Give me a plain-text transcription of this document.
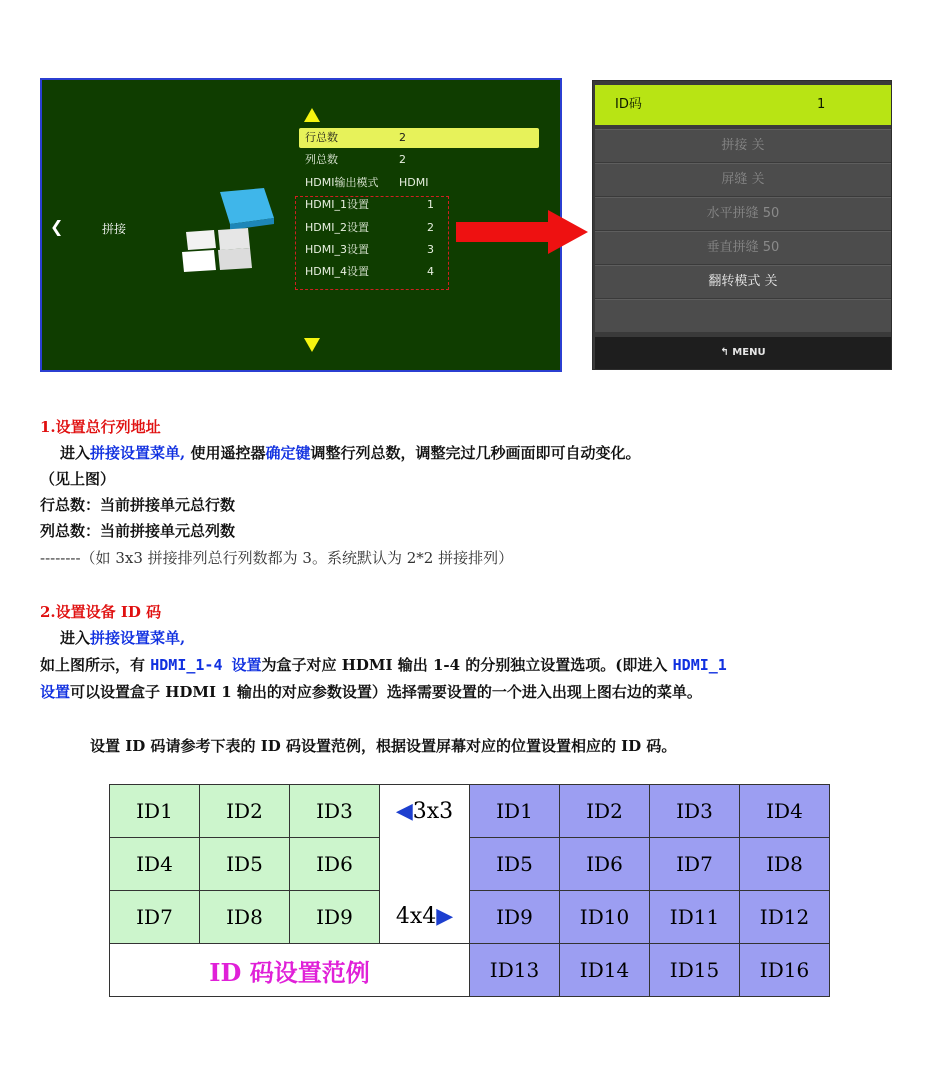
❮	拼接
行总数	2
列总数	2
HDMI输出模式 HDMI
HDMI_1设置	1
HDMI_2设置	2
HDMI_3设置	3
HDMI_4设置	4
ID码	1
拼接 关
屏缝 关
水平拼缝 50
垂直拼缝 50
翻转模式 关
↰ MENU
1.设置总行列地址
进入拼接设置菜单, 使用遥控器确定键调整行列总数，调整完过几秒画面即可自动变化。
（见上图）
行总数：当前拼接单元总行数
列总数：当前拼接单元总列数
--------（如 3x3 拼接排列总行列数都为 3。系统默认为 2*2 拼接排列）
2.设置设备 ID 码
进入拼接设置菜单,
如上图所示，有 HDMI_1-4 设置为盒子对应 HDMI 输出 1-4 的分别独立设置选项。(即进入 HDMI_1
设置可以设置盒子 HDMI 1 输出的对应参数设置）选择需要设置的一个进入出现上图右边的菜单。
设置 ID 码请参考下表的 ID 码设置范例，根据设置屏幕对应的位置设置相应的 ID 码。
ID1	ID2	ID3	◀3x3	ID1	ID2	ID3	ID4
ID4	ID5	ID6		ID5	ID6	ID7	ID8
ID7	ID8	ID9	4x4▶	ID9	ID10	ID11	ID12
ID 码设置范例				ID13	ID14	ID15	ID16
